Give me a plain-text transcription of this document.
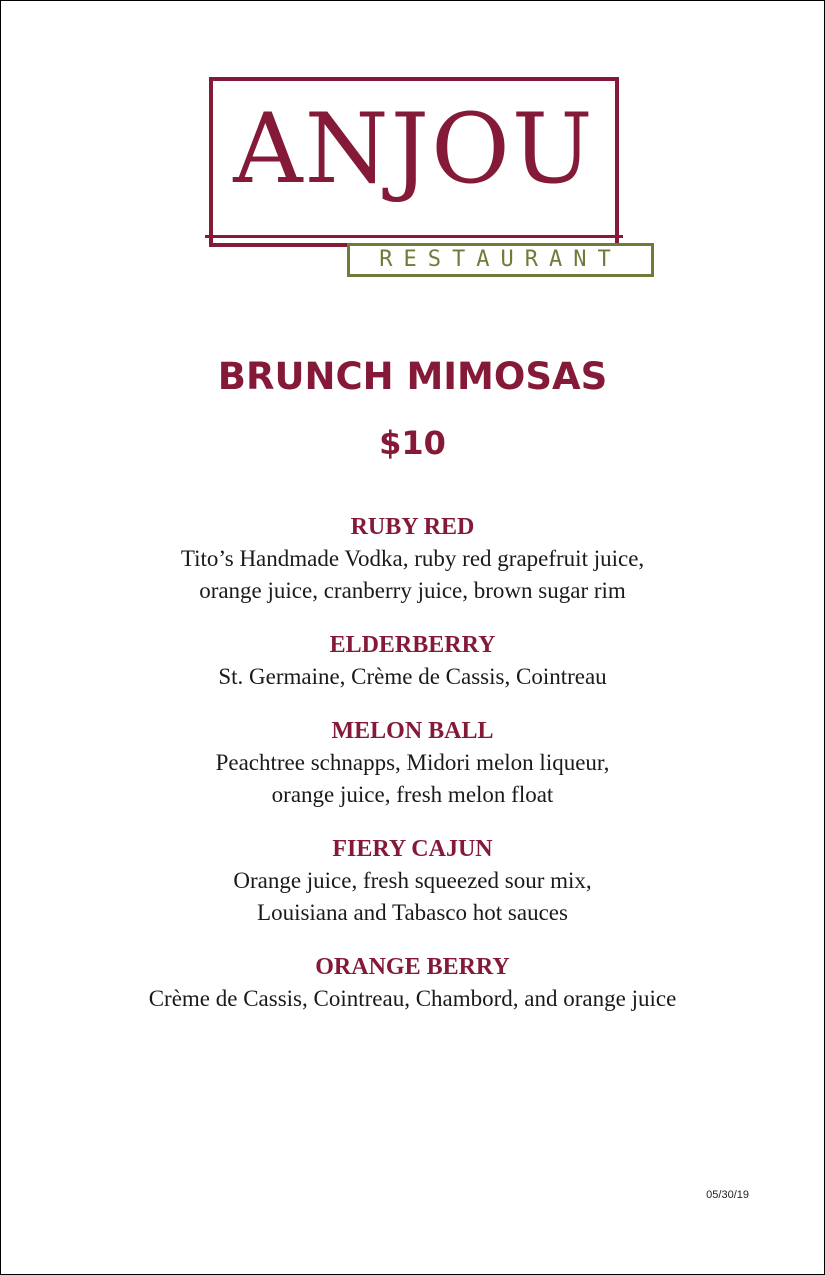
ANJOU
RESTAURANT
BRUNCH MIMOSAS
$10
RUBY RED
Tito’s Handmade Vodka, ruby red grapefruit juice,
orange juice, cranberry juice, brown sugar rim
ELDERBERRY
St. Germaine, Crème de Cassis, Cointreau
MELON BALL
Peachtree schnapps, Midori melon liqueur,
orange juice, fresh melon float
FIERY CAJUN
Orange juice, fresh squeezed sour mix,
Louisiana and Tabasco hot sauces
ORANGE BERRY
Crème de Cassis, Cointreau, Chambord, and orange juice
05/30/19
